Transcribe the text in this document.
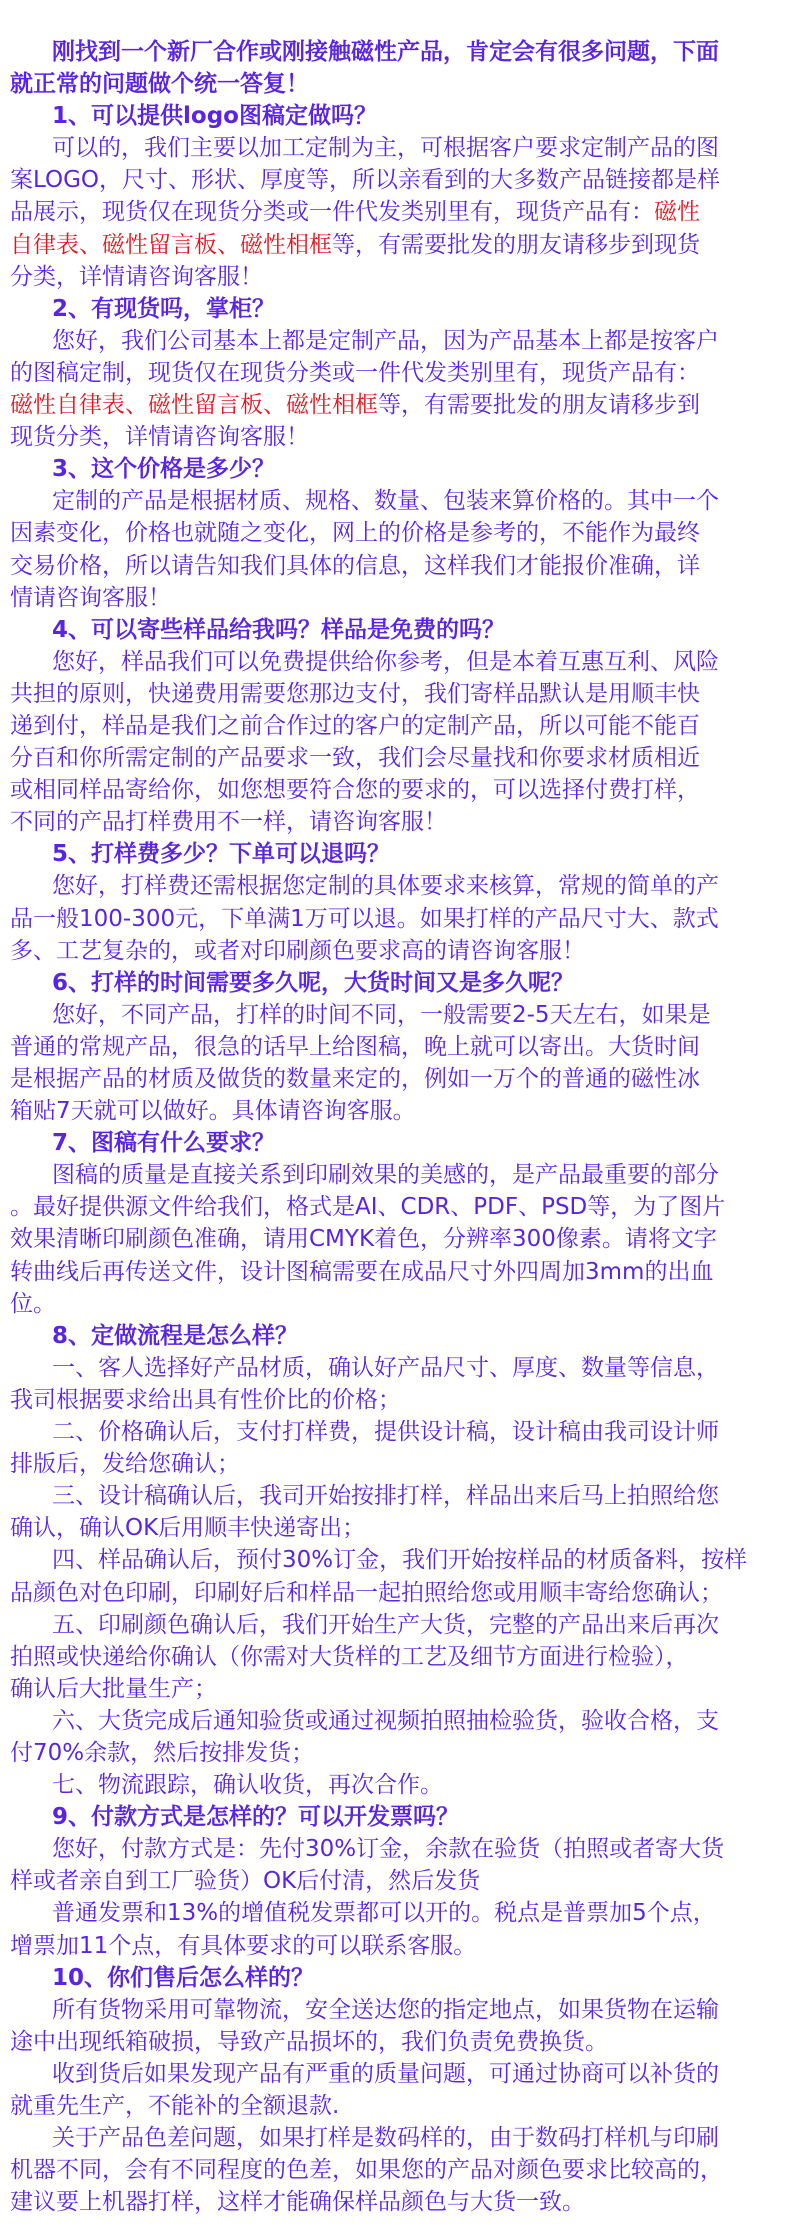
刚找到一个新厂合作或刚接触磁性产品，肯定会有很多问题，下面
就正常的问题做个统一答复！
1、可以提供logo图稿定做吗？
可以的，我们主要以加工定制为主，可根据客户要求定制产品的图
案LOGO，尺寸、形状、厚度等，所以亲看到的大多数产品链接都是样
品展示，现货仅在现货分类或一件代发类别里有，现货产品有：磁性
自律表、磁性留言板、磁性相框等，有需要批发的朋友请移步到现货
分类，详情请咨询客服！
2、有现货吗，掌柜？
您好，我们公司基本上都是定制产品，因为产品基本上都是按客户
的图稿定制，现货仅在现货分类或一件代发类别里有，现货产品有：
磁性自律表、磁性留言板、磁性相框等，有需要批发的朋友请移步到
现货分类，详情请咨询客服！
3、这个价格是多少？
定制的产品是根据材质、规格、数量、包装来算价格的。其中一个
因素变化，价格也就随之变化，网上的价格是参考的，不能作为最终
交易价格，所以请告知我们具体的信息，这样我们才能报价准确，详
情请咨询客服！
4、可以寄些样品给我吗？样品是免费的吗？
您好，样品我们可以免费提供给你参考，但是本着互惠互利、风险
共担的原则，快递费用需要您那边支付，我们寄样品默认是用顺丰快
递到付，样品是我们之前合作过的客户的定制产品，所以可能不能百
分百和你所需定制的产品要求一致，我们会尽量找和你要求材质相近
或相同样品寄给你，如您想要符合您的要求的，可以选择付费打样，
不同的产品打样费用不一样，请咨询客服！
5、打样费多少？下单可以退吗？
您好，打样费还需根据您定制的具体要求来核算，常规的简单的产
品一般100-300元，下单满1万可以退。如果打样的产品尺寸大、款式
多、工艺复杂的，或者对印刷颜色要求高的请咨询客服！
6、打样的时间需要多久呢，大货时间又是多久呢？
您好，不同产品，打样的时间不同，一般需要2-5天左右，如果是
普通的常规产品，很急的话早上给图稿，晚上就可以寄出。大货时间
是根据产品的材质及做货的数量来定的，例如一万个的普通的磁性冰
箱贴7天就可以做好。具体请咨询客服。
7、图稿有什么要求？
图稿的质量是直接关系到印刷效果的美感的，是产品最重要的部分
。最好提供源文件给我们，格式是AI、CDR、PDF、PSD等，为了图片
效果清晰印刷颜色准确，请用CMYK着色，分辨率300像素。请将文字
转曲线后再传送文件，设计图稿需要在成品尺寸外四周加3mm的出血
位。
8、定做流程是怎么样？
一、客人选择好产品材质，确认好产品尺寸、厚度、数量等信息，
我司根据要求给出具有性价比的价格；
二、价格确认后，支付打样费，提供设计稿，设计稿由我司设计师
排版后，发给您确认；
三、设计稿确认后，我司开始按排打样，样品出来后马上拍照给您
确认，确认OK后用顺丰快递寄出；
四、样品确认后，预付30%订金，我们开始按样品的材质备料，按样
品颜色对色印刷，印刷好后和样品一起拍照给您或用顺丰寄给您确认；
五、印刷颜色确认后，我们开始生产大货，完整的产品出来后再次
拍照或快递给你确认（你需对大货样的工艺及细节方面进行检验），
确认后大批量生产；
六、大货完成后通知验货或通过视频拍照抽检验货，验收合格，支
付70%余款，然后按排发货；
七、物流跟踪，确认收货，再次合作。
9、付款方式是怎样的？可以开发票吗？
您好，付款方式是：先付30%订金，余款在验货（拍照或者寄大货
样或者亲自到工厂验货）OK后付清，然后发货
普通发票和13%的增值税发票都可以开的。税点是普票加5个点，
增票加11个点，有具体要求的可以联系客服。
10、你们售后怎么样的？
所有货物采用可靠物流，安全送达您的指定地点，如果货物在运输
途中出现纸箱破损，导致产品损坏的，我们负责免费换货。
收到货后如果发现产品有严重的质量问题，可通过协商可以补货的
就重先生产，不能补的全额退款.
关于产品色差问题，如果打样是数码样的，由于数码打样机与印刷
机器不同，会有不同程度的色差，如果您的产品对颜色要求比较高的，
建议要上机器打样，这样才能确保样品颜色与大货一致。
